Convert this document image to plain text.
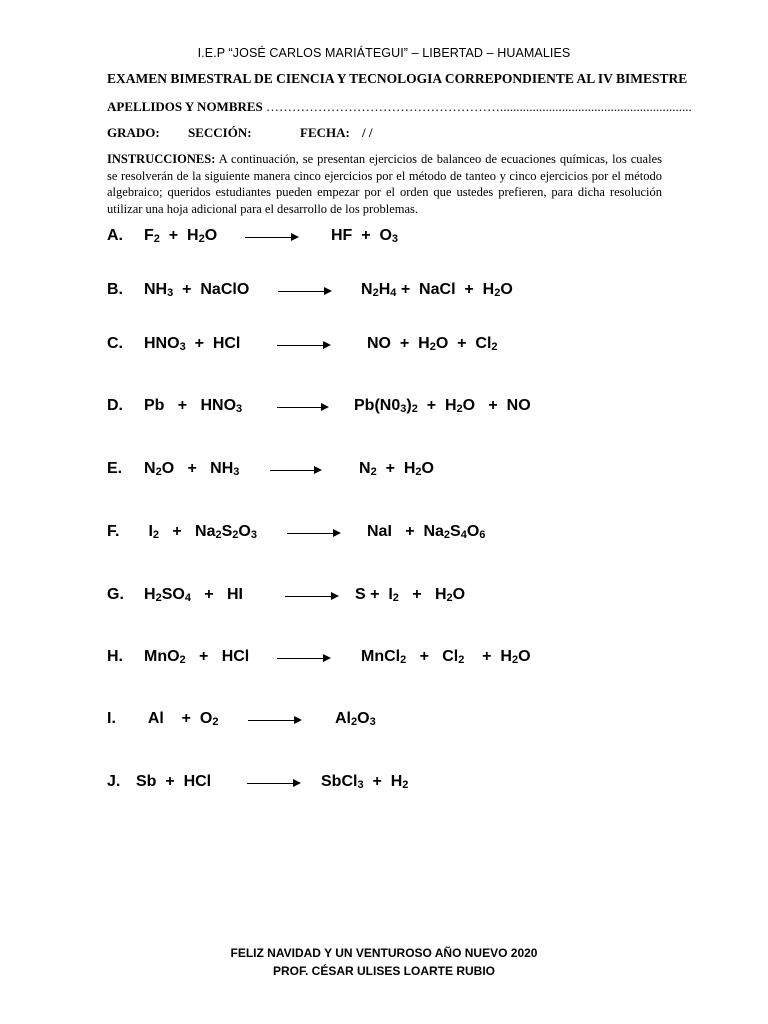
I.E.P “JOSÉ CARLOS MARIÁTEGUI” – LIBERTAD – HUAMALIES
EXAMEN BIMESTRAL DE CIENCIA Y TECNOLOGIA CORREPONDIENTE AL IV BIMESTRE
APELLIDOS Y NOMBRES ………………………………………………...........................................................
GRADO: SECCIÓN:	FECHA: / /
INSTRUCCIONES: A continuación, se presentan ejercicios de balanceo de ecuaciones químicas, los cuales se resolverán de la siguiente manera cinco ejercicios por el método de tanteo y cinco ejercicios por el método algebraico; queridos estudiantes pueden empezar por el orden que ustedes prefieren, para dicha resolución utilizar una hoja adicional para el desarrollo de los problemas.
A. $F_2 + H_2O$	HF  +  $O_3$
B. $NH_3$  +  NaClO	$N_2H_4$ +  NaCl  +  $H_2O$
C. $HNO_3$  +  HCl	NO  +  $H_2O + Cl_2$
D. $Pb + HNO_3$	$Pb(N0_3)_2 + H_2O$   +  NO
E. $N_2O + NH_3$	$N_2 + H_2O$
F. $I_2 + Na_2S_2O_3$	NaI   +  $Na_2S_4O_6$
G. $H_2SO_4$   +   HI	→ $S + I_2 + H_2O$
H. MnO$_2$   +   HCl	MnCl$_2$   +   $Cl_2$    +  $H_2O$
I. Al    +  $O_2$	$Al_2O_3$
J. Sb  +  HCl → SbCl$_3$  +  $H_2$
FELIZ NAVIDAD Y UN VENTUROSO AÑO NUEVO 2020
PROF. CÉSAR ULISES LOARTE RUBIO
